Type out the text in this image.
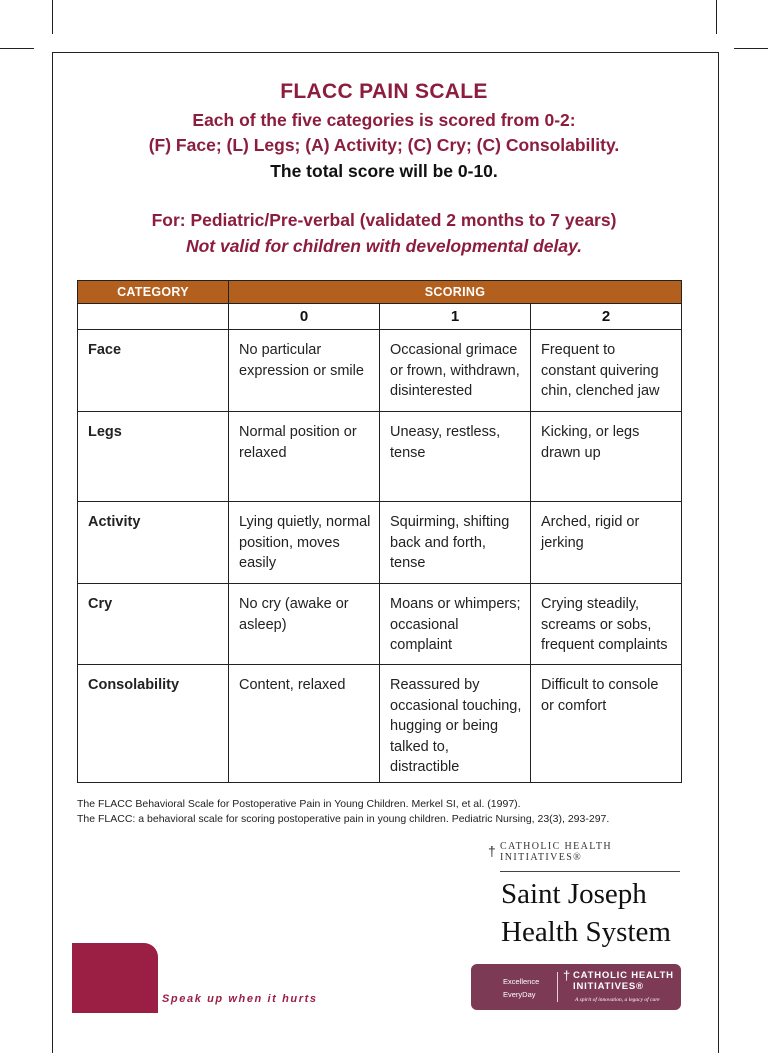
FLACC PAIN SCALE
Each of the five categories is scored from 0-2:
(F) Face; (L) Legs; (A) Activity; (C) Cry; (C) Consolability.
The total score will be 0-10.
For: Pediatric/Pre-verbal (validated 2 months to 7 years)
Not valid for children with developmental delay.
CATEGORY	SCORING		
	0	1	2
Face	No particular expression or smile	Occasional grimace or frown, withdrawn, disinterested	Frequent to constant quivering chin, clenched jaw
Legs	Normal position or relaxed	Uneasy, restless, tense	Kicking, or legs drawn up
Activity	Lying quietly, normal position, moves easily	Squirming, shifting back and forth, tense	Arched, rigid or jerking
Cry	No cry (awake or asleep)	Moans or whimpers; occasional complaint	Crying steadily, screams or sobs, frequent complaints
Consolability	Content, relaxed	Reassured by occasional touching, hugging or being talked to, distractible	Difficult to console or comfort
The FLACC Behavioral Scale for Postoperative Pain in Young Children. Merkel SI, et al. (1997).
The FLACC: a behavioral scale for scoring postoperative pain in young children. Pediatric Nursing, 23(3), 293-297.
† CATHOLIC HEALTH
INITIATIVES®
Saint Joseph
Health System
Speak up when it hurts
Excellence
EveryDay
† CATHOLIC HEALTH
INITIATIVES®
A spirit of innovation, a legacy of care
